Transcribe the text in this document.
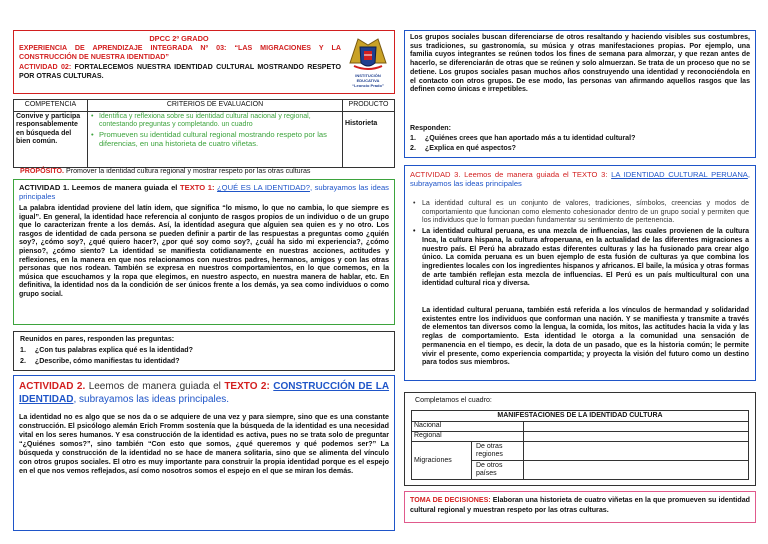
DPCC 2º GRADO
EXPERIENCIA DE APRENDIZAJE INTEGRADA Nº 03: “LAS MIGRACIONES Y LA CONSTRUCCIÓN DE NUESTRA IDENTIDAD”
ACTIVIDAD 02: FORTALECEMOS NUESTRA IDENTIDAD CULTURAL MOSTRANDO RESPETO POR OTRAS CULTURAS.	INSTITUCIÓN EDUCATIVA
“Leoncio Prado”
COMPETENCIA	CRITERIOS DE EVALUACION	PRODUCTO
Convive y participa responsablemente en búsqueda del bien común.	• Identifica y reflexiona sobre su identidad cultural nacional y regional, contestando preguntas y completando. un cuadro
• Promueven su identidad cultural regional mostrando respeto por las diferencias, en una historieta de cuatro viñetas.	Historieta
PROPÓSITO. Promover la identidad cultura regional y mostrar respeto por las otras culturas
ACTIVIDAD 1. Leemos de manera guiada el TEXTO 1: ¿QUÉ ES LA IDENTIDAD?, subrayamos las ideas principales
La palabra identidad proviene del latín idem, que significa “lo mismo, lo que no cambia, lo que siempre es igual”. En general, la identidad hace referencia al conjunto de rasgos propios de un individuo o de un grupo que lo caracterizan frente a los demás. Así, la identidad asegura que alguien sea quien es y no otro. Los rasgos de identidad de cada persona se pueden definir a partir de las respuestas a preguntas como ¿quién soy?, ¿cómo soy?, ¿qué quiero hacer?, ¿por qué soy como soy?, ¿cuál ha sido mi experiencia?, ¿cómo pienso?, ¿cómo siento? La identidad se manifiesta cotidianamente en nuestras acciones, actitudes y reflexiones, en la manera en que nos relacionamos con nuestros padres, hermanos, amigos y con las otras personas que nos rodean. También se expresa en nuestros comportamientos, en lo que comemos, en la música que escuchamos y la ropa que elegimos, en nuestro aspecto, en nuestra manera de hablar, etc. En definitiva, la identidad nos da la condición de ser únicos frente a los demás, ya sea como individuos o como grupo social.
Reunidos en pares, responden las preguntas:
1. ¿Con tus palabras explica qué es la identidad?
2. ¿Describe, cómo manifiestas tu identidad?
ACTIVIDAD 2. Leemos de manera guiada el TEXTO 2: CONSTRUCCIÓN DE LA IDENTIDAD, subrayamos las ideas principales.
La identidad no es algo que se nos da o se adquiere de una vez y para siempre, sino que es una constante construcción. El psicólogo alemán Erich Fromm sostenía que la búsqueda de la identidad es una necesidad vital en los seres humanos. Y esa construcción de la identidad es activa, pues no se trata solo de preguntar “¿Quiénes somos?”, sino también “Con esto que somos, ¿qué queremos y qué podemos ser?” La búsqueda y construcción de la identidad no se hace de manera solitaria, sino que se alimenta del vínculo con otros grupos sociales. El otro es muy importante para construir la propia identidad porque es el espejo en el que nos vemos reflejados, así como nosotros somos el espejo en el que se miran los demás.
Los grupos sociales buscan diferenciarse de otros resaltando y haciendo visibles sus costumbres, sus tradiciones, su gastronomía, su música y otras manifestaciones propias. Por ejemplo, una familia cuyos integrantes se reúnen todos los fines de semana para almorzar, y que rezan antes de hacerlo, se diferenciarán de otras que se reúnen y solo almuerzan. Se trata de un proceso que no se detiene. Los grupos sociales pasan muchos años construyendo una identidad y reconociéndola en el contacto con otros grupos. De ese modo, las personas van afirmando aquellos rasgos que las definen como únicas e irrepetibles.
Responden:
1. ¿Quiénes crees que han aportado más a tu identidad cultural?
2. ¿Explica en qué aspectos?
ACTIVIDAD 3. Leemos de manera guiada el TEXTO 3: LA IDENTIDAD CULTURAL PERUANA, subrayamos las ideas principales
• La identidad cultural es un conjunto de valores, tradiciones, símbolos, creencias y modos de comportamiento que funcionan como elemento cohesionador dentro de un grupo social y permiten que los individuos que lo forman puedan fundamentar su sentimiento de pertenencia.
• La identidad cultural peruana, es una mezcla de influencias, las cuales provienen de la cultura Inca, la cultura hispana, la cultura afroperuana, en la actualidad de las diferentes migraciones a nuestro país. El Perú ha abrazado estas diferentes culturas y las ha fusionado para crear algo único. La comida peruana es un buen ejemplo de esta fusión de culturas ya que combina los ingredientes locales con los ingredientes hispanos y africanos. El baile, la música y otras formas de arte también reflejan esta mezcla de influencias. El Perú es un país multicultural con una identidad cultural rica y diversa.
La identidad cultural peruana, también está referida a los vínculos de hermandad y solidaridad existentes entre los individuos que conforman una nación. Y se manifiesta y transmite a través de elementos tan diversos como la lengua, la comida, los mitos, las actitudes hacia la vida y las reglas de comportamiento. Esta identidad le otorga a la comunidad una sensación de permanencia en el tiempo, es decir, la dota de un pasado, que es la historia común; le permite vivir el presente, como experiencia compartida; y proyecta la visión del futuro como un destino para todos sus miembros.
Completamos el cuadro:
MANIFESTACIONES DE LA IDENTIDAD CULTURA		
Nacional		
Regional		
Migraciones	De otras regiones	
	De otros países	
TOMA DE DECISIONES: Elaboran una historieta de cuatro viñetas en la que promueven su identidad cultural regional y muestran respeto por las otras culturas.
